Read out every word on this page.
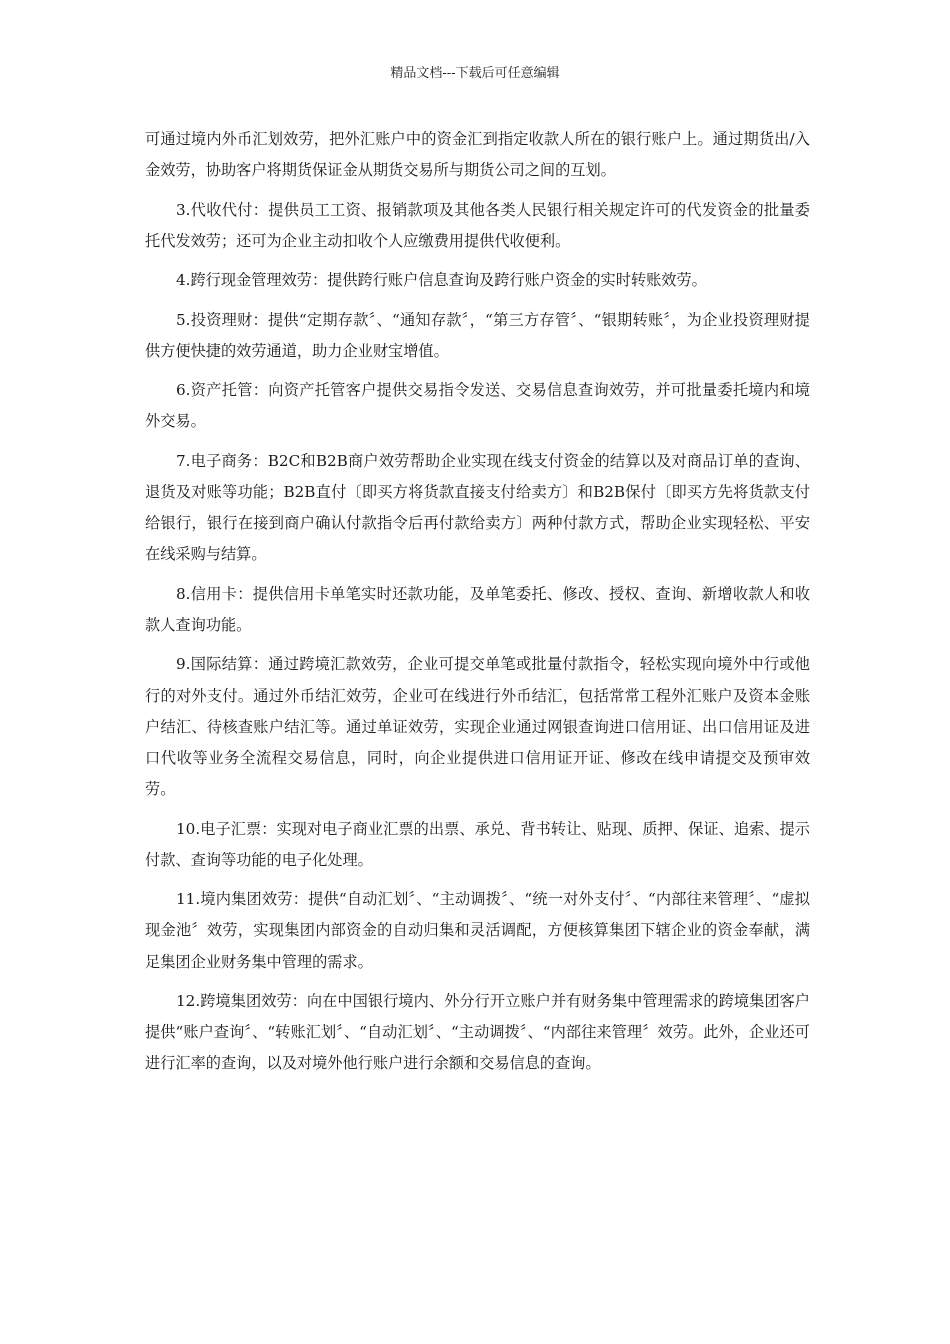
精品文档---下载后可任意编辑

可通过境内外币汇划效劳，把外汇账户中的资金汇到指定收款人所在的银行账户上。通过期货出/入金效劳，协助客户将期货保证金从期货交易所与期货公司之间的互划。

3.代收代付：提供员工工资、报销款项及其他各类人民银行相关规定许可的代发资金的批量委托代发效劳；还可为企业主动扣收个人应缴费用提供代收便利。

4.跨行现金管理效劳：提供跨行账户信息查询及跨行账户资金的实时转账效劳。

5.投资理财：提供“定期存款〞、“通知存款〞，“第三方存管〞、“银期转账〞，为企业投资理财提供方便快捷的效劳通道，助力企业财宝增值。

6.资产托管：向资产托管客户提供交易指令发送、交易信息查询效劳，并可批量委托境内和境外交易。

7.电子商务：B2C和B2B商户效劳帮助企业实现在线支付资金的结算以及对商品订单的查询、退货及对账等功能；B2B直付〔即买方将货款直接支付给卖方〕和B2B保付〔即买方先将货款支付给银行，银行在接到商户确认付款指令后再付款给卖方〕两种付款方式，帮助企业实现轻松、平安在线采购与结算。

8.信用卡：提供信用卡单笔实时还款功能，及单笔委托、修改、授权、查询、新增收款人和收款人查询功能。

9.国际结算：通过跨境汇款效劳，企业可提交单笔或批量付款指令，轻松实现向境外中行或他行的对外支付。通过外币结汇效劳，企业可在线进行外币结汇，包括常常工程外汇账户及资本金账户结汇、待核查账户结汇等。通过单证效劳，实现企业通过网银查询进口信用证、出口信用证及进口代收等业务全流程交易信息，同时，向企业提供进口信用证开证、修改在线申请提交及预审效劳。

10.电子汇票：实现对电子商业汇票的出票、承兑、背书转让、贴现、质押、保证、追索、提示付款、查询等功能的电子化处理。

11.境内集团效劳：提供“自动汇划〞、“主动调拨〞、“统一对外支付〞、“内部往来管理〞、“虚拟现金池〞效劳，实现集团内部资金的自动归集和灵活调配，方便核算集团下辖企业的资金奉献，满足集团企业财务集中管理的需求。

12.跨境集团效劳：向在中国银行境内、外分行开立账户并有财务集中管理需求的跨境集团客户提供“账户查询〞、“转账汇划〞、“自动汇划〞、“主动调拨〞、“内部往来管理〞效劳。此外，企业还可进行汇率的查询，以及对境外他行账户进行余额和交易信息的查询。
